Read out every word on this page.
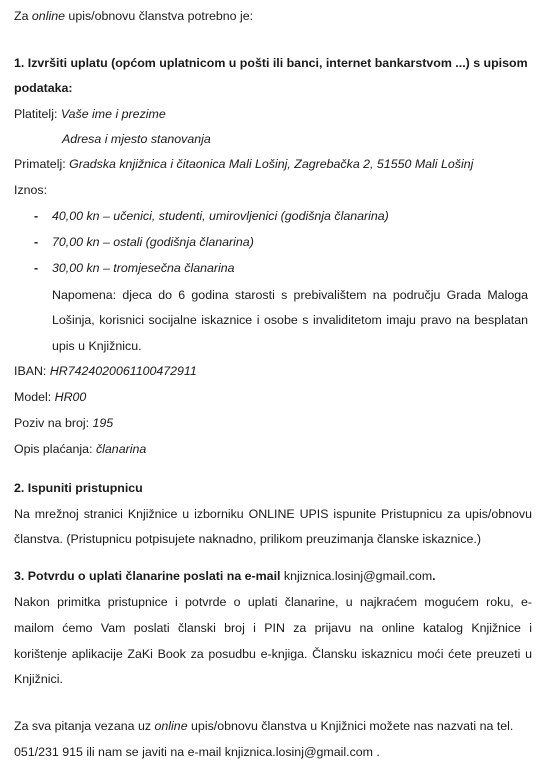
Za online upis/obnovu članstva potrebno je:
1. Izvršiti uplatu (općom uplatnicom u pošti ili banci, internet bankarstvom ...) s upisom
podataka:
Platitelj: Vaše ime i prezime
Adresa i mjesto stanovanja
Primatelj: Gradska knjižnica i čitaonica Mali Lošinj, Zagrebačka 2, 51550 Mali Lošinj
Iznos:
- 40,00 kn – učenici, studenti, umirovljenici (godišnja članarina)
- 70,00 kn – ostali (godišnja članarina)
- 30,00 kn – tromjesečna članarina
Napomena: djeca do 6 godina starosti s prebivalištem na području Grada Maloga
Lošinja, korisnici socijalne iskaznice i osobe s invaliditetom imaju pravo na besplatan
upis u Knjižnicu.
IBAN: HR7424020061100472911
Model: HR00
Poziv na broj: 195
Opis plaćanja: članarina
2. Ispuniti pristupnicu
Na mrežnoj stranici Knjižnice u izborniku ONLINE UPIS ispunite Pristupnicu za upis/obnovu
članstva. (Pristupnicu potpisujete naknadno, prilikom preuzimanja članske iskaznice.)
3. Potvrdu o uplati članarine poslati na e-mail knjiznica.losinj@gmail.com.
Nakon primitka pristupnice i potvrde o uplati članarine, u najkraćem mogućem roku, e-
mailom ćemo Vam poslati članski broj i PIN za prijavu na online katalog Knjižnice i
korištenje aplikacije ZaKi Book za posudbu e-knjiga. Člansku iskaznicu moći ćete preuzeti u
Knjižnici.
Za sva pitanja vezana uz online upis/obnovu članstva u Knjižnici možete nas nazvati na tel.
051/231 915 ili nam se javiti na e-mail knjiznica.losinj@gmail.com .
